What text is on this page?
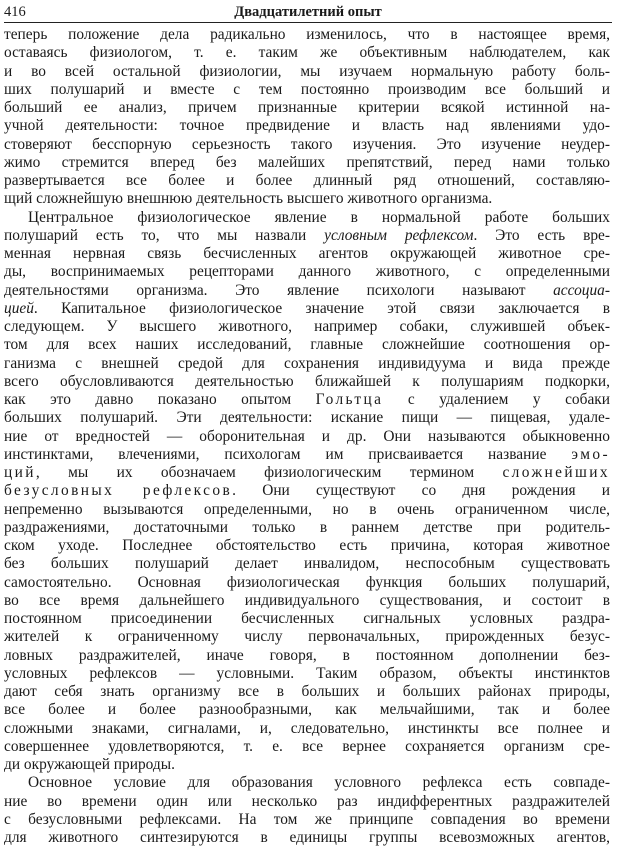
416	Двадцатилетний опыт
теперь положение дела радикально изменилось, что в настоящее время,
оставаясь физиологом, т. е. таким же объективным наблюдателем, как
и во всей остальной физиологии, мы изучаем нормальную работу боль-
ших полушарий и вместе с тем постоянно производим все больший и
больший ее анализ, причем признанные критерии всякой истинной на-
учной деятельности: точное предвидение и власть над явлениями удо-
стоверяют бесспорную серьезность такого изучения. Это изучение неудер-
жимо стремится вперед без малейших препятствий, перед нами только
развертывается все более и более длинный ряд отношений, составляю-
щий сложнейшую внешнюю деятельность высшего животного организма.
Центральное физиологическое явление в нормальной работе больших
полушарий есть то, что мы назвали условным рефлексом. Это есть вре-
менная нервная связь бесчисленных агентов окружающей животное сре-
ды, воспринимаемых рецепторами данного животного, с определенными
деятельностями организма. Это явление психологи называют ассоциа-
цией. Капитальное физиологическое значение этой связи заключается в
следующем. У высшего животного, например собаки, служившей объек-
том для всех наших исследований, главные сложнейшие соотношения ор-
ганизма с внешней средой для сохранения индивидуума и вида прежде
всего обусловливаются деятельностью ближайшей к полушариям подкорки,
как это давно показано опытом Гольтца с удалением у собаки
больших полушарий. Эти деятельности: искание пищи — пищевая, удале-
ние от вредностей — оборонительная и др. Они называются обыкновенно
инстинктами, влечениями, психологам им присваивается название эмо-
ций, мы их обозначаем физиологическим термином сложнейших
безусловных рефлексов. Они существуют со дня рождения и
непременно вызываются определенными, но в очень ограниченном числе,
раздражениями, достаточными только в раннем детстве при родитель-
ском уходе. Последнее обстоятельство есть причина, которая животное
без больших полушарий делает инвалидом, неспособным существовать
самостоятельно. Основная физиологическая функция больших полушарий,
во все время дальнейшего индивидуального существования, и состоит в
постоянном присоединении бесчисленных сигнальных условных раздра-
жителей к ограниченному числу первоначальных, прирожденных безус-
ловных раздражителей, иначе говоря, в постоянном дополнении без-
условных рефлексов — условными. Таким образом, объекты инстинктов
дают себя знать организму все в больших и больших районах природы,
все более и более разнообразными, как мельчайшими, так и более
сложными знаками, сигналами, и, следовательно, инстинкты все полнее и
совершеннее удовлетворяются, т. е. все вернее сохраняется организм сре-
ди окружающей природы.
Основное условие для образования условного рефлекса есть совпаде-
ние во времени один или несколько раз индифферентных раздражителей
с безусловными рефлексами. На том же принципе совпадения во времени
для животного синтезируются в единицы группы всевозможных агентов,
